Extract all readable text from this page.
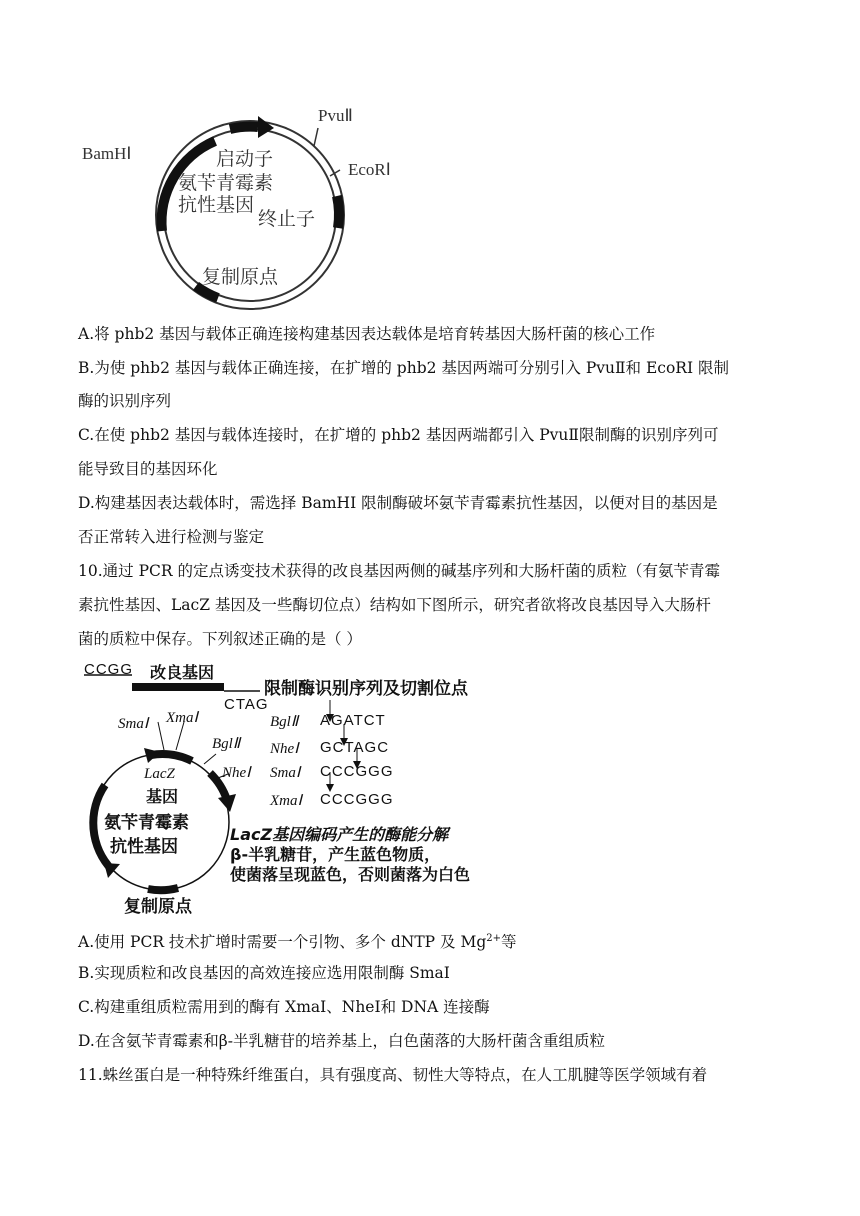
PvuⅡ
BamHⅠ
EcoRⅠ
启动子
氨苄青霉素
抗性基因
终止子
复制原点
A.将 phb2 基因与载体正确连接构建基因表达载体是培育转基因大肠杆菌的核心工作
B.为使 phb2 基因与载体正确连接，在扩增的 phb2 基因两端可分别引入 PvuⅡ和 EcoRI 限制
酶的识别序列
C.在使 phb2 基因与载体连接时，在扩增的 phb2 基因两端都引入 PvuⅡ限制酶的识别序列可
能导致目的基因环化
D.构建基因表达载体时，需选择 BamHI 限制酶破坏氨苄青霉素抗性基因，以便对目的基因是
否正常转入进行检测与鉴定
10.通过 PCR 的定点诱变技术获得的改良基因两侧的碱基序列和大肠杆菌的质粒（有氨苄青霉
素抗性基因、LacZ 基因及一些酶切位点）结构如下图所示，研究者欲将改良基因导入大肠杆
菌的质粒中保存。下列叙述正确的是（ ）
CCGG 改良基因
CTAG
限制酶识别序列及切割位点
SmaⅠ XmaⅠ
BglⅡ
NheⅠ
LacZ
基因
氨苄青霉素
抗性基因
复制原点
BglⅡ AGATCT
NheⅠ GCTAGC
SmaⅠ CCCGGG
XmaⅠ CCCGGG
LacZ基因编码产生的酶能分解
β-半乳糖苷，产生蓝色物质，
使菌落呈现蓝色，否则菌落为白色
A.使用 PCR 技术扩增时需要一个引物、多个 dNTP 及 $Mg^{2+}$等
B.实现质粒和改良基因的高效连接应选用限制酶 SmaⅠ
C.构建重组质粒需用到的酶有 XmaⅠ、NheⅠ和 DNA 连接酶
D.在含氨苄青霉素和β-半乳糖苷的培养基上，白色菌落的大肠杆菌含重组质粒
11.蛛丝蛋白是一种特殊纤维蛋白，具有强度高、韧性大等特点，在人工肌腱等医学领域有着
